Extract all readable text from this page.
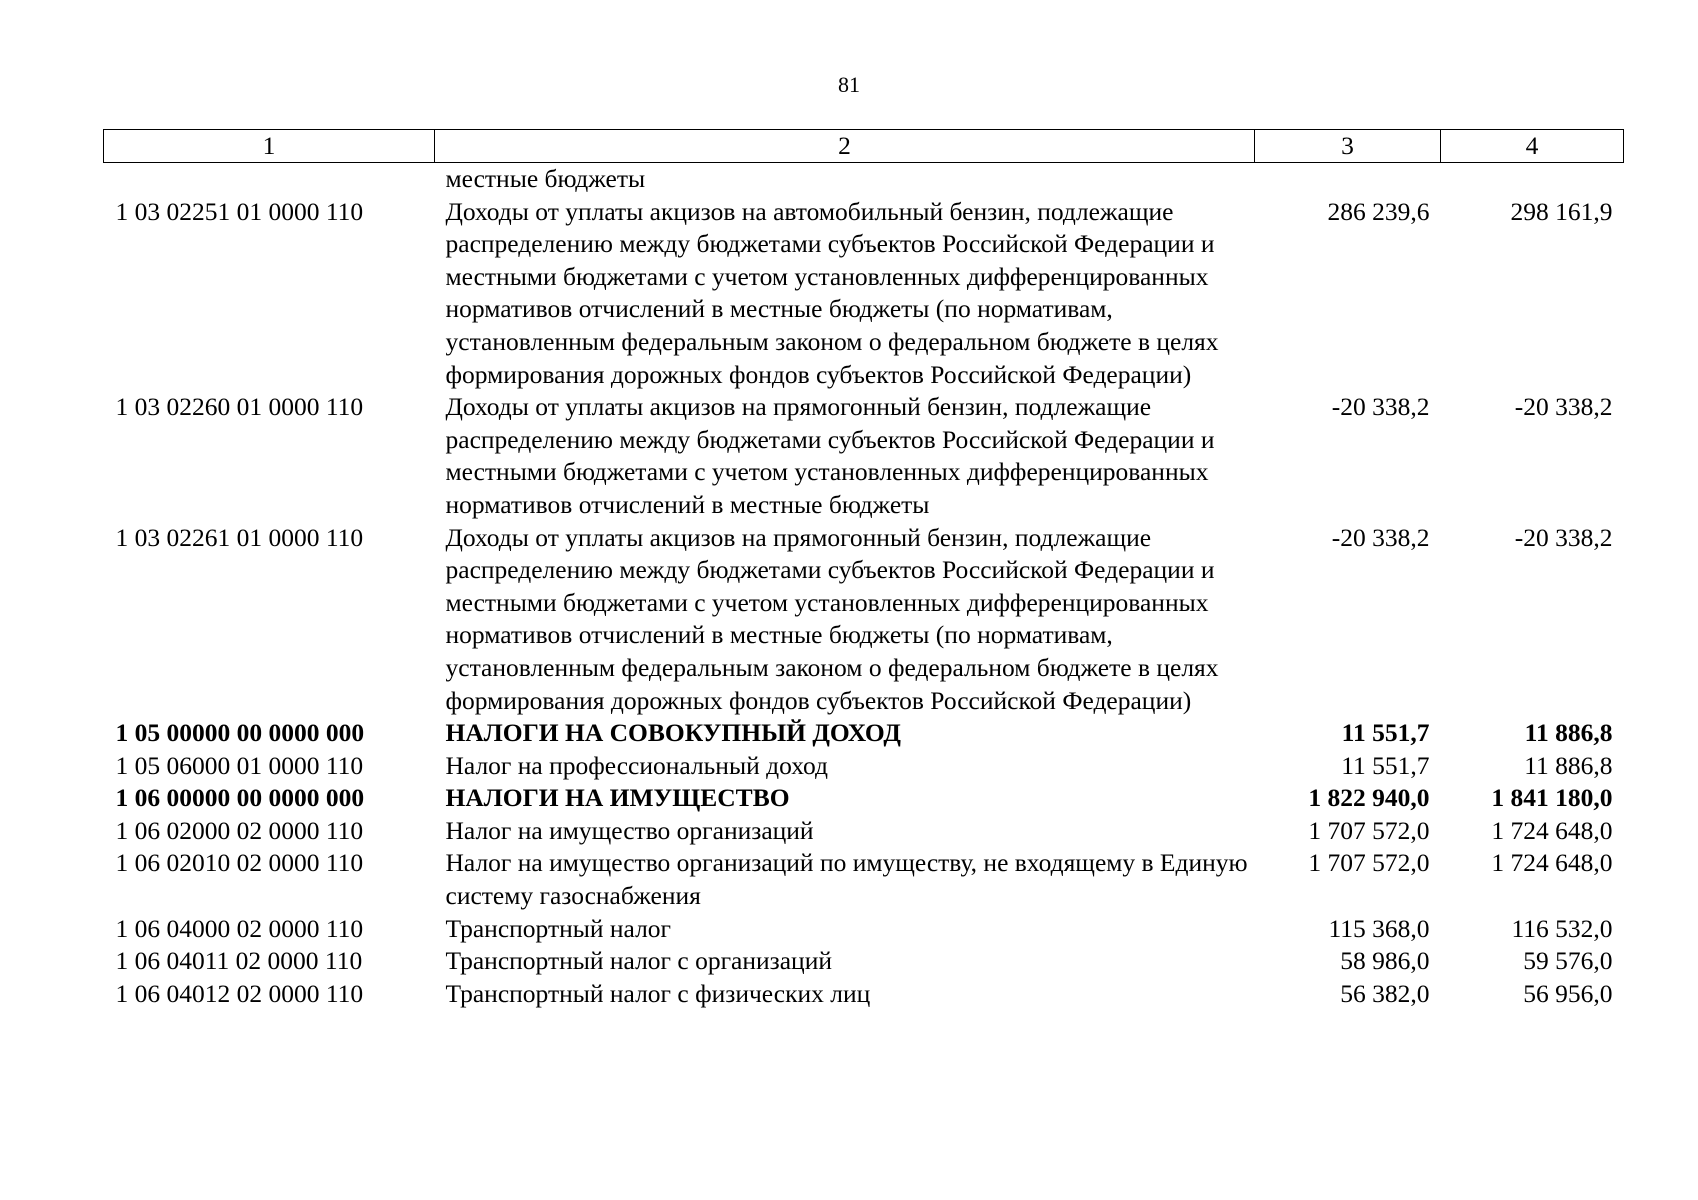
81
1	2	3	4
	местные бюджеты		
1 03 02251 01 0000 110	Доходы от уплаты акцизов на автомобильный бензин, подлежащие распределению между бюджетами субъектов Российской Федерации и местными бюджетами с учетом установленных дифференцированных нормативов отчислений в местные бюджеты (по нормативам, установленным федеральным законом о федеральном бюджете в целях формирования дорожных фондов субъектов Российской Федерации)	286 239,6	298 161,9
1 03 02260 01 0000 110	Доходы от уплаты акцизов на прямогонный бензин, подлежащие распределению между бюджетами субъектов Российской Федерации и местными бюджетами с учетом установленных дифференцированных нормативов отчислений в местные бюджеты	-20 338,2	-20 338,2
1 03 02261 01 0000 110	Доходы от уплаты акцизов на прямогонный бензин, подлежащие распределению между бюджетами субъектов Российской Федерации и местными бюджетами с учетом установленных дифференцированных нормативов отчислений в местные бюджеты (по нормативам, установленным федеральным законом о федеральном бюджете в целях формирования дорожных фондов субъектов Российской Федерации)	-20 338,2	-20 338,2
1 05 00000 00 0000 000	НАЛОГИ НА СОВОКУПНЫЙ ДОХОД	11 551,7	11 886,8
1 05 06000 01 0000 110	Налог на профессиональный доход	11 551,7	11 886,8
1 06 00000 00 0000 000	НАЛОГИ НА ИМУЩЕСТВО	1 822 940,0	1 841 180,0
1 06 02000 02 0000 110	Налог на имущество организаций	1 707 572,0	1 724 648,0
1 06 02010 02 0000 110	Налог на имущество организаций по имуществу, не входящему в Единую систему газоснабжения	1 707 572,0	1 724 648,0
1 06 04000 02 0000 110	Транспортный налог	115 368,0	116 532,0
1 06 04011 02 0000 110	Транспортный налог с организаций	58 986,0	59 576,0
1 06 04012 02 0000 110	Транспортный налог с физических лиц	56 382,0	56 956,0
